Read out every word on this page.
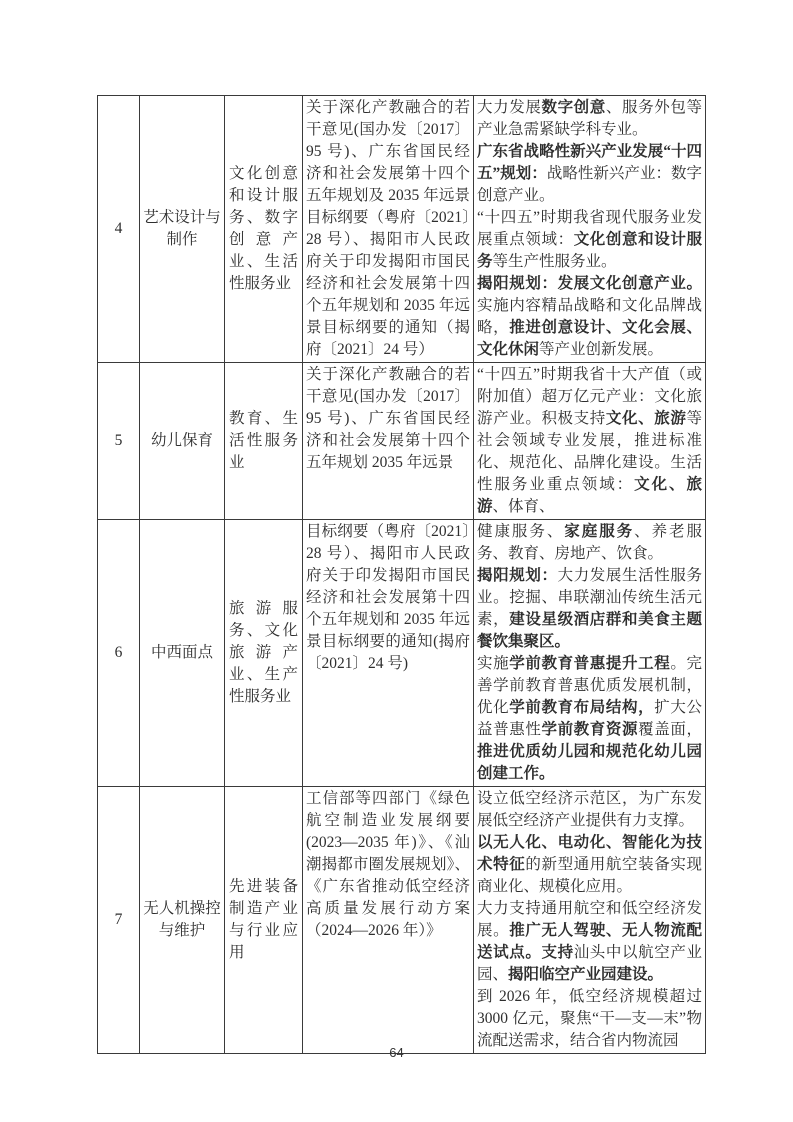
4	艺术设计与制作	文化创意和设计服务、数字创意产业、生活性服务业	关于深化产教融合的若干意见(国办发〔2017〕95 号)、广东省国民经济和社会发展第十四个五年规划及 2035 年远景目标纲要（粤府〔2021〕28 号）、揭阳市人民政府关于印发揭阳市国民经济和社会发展第十四个五年规划和 2035 年远景目标纲要的通知（揭府〔2021〕24 号）	大力发展数字创意、服务外包等产业急需紧缺学科专业。
广东省战略性新兴产业发展“十四五”规划：战略性新兴产业：数字创意产业。
“十四五”时期我省现代服务业发展重点领域：文化创意和设计服务等生产性服务业。
揭阳规划：发展文化创意产业。实施内容精品战略和文化品牌战略，推进创意设计、文化会展、文化休闲等产业创新发展。

5	幼儿保育	教育、生活性服务业	关于深化产教融合的若干意见(国办发〔2017〕95 号)、广东省国民经济和社会发展第十四个五年规划 2035 年远景	“十四五”时期我省十大产值（或附加值）超万亿元产业：文化旅游产业。积极支持文化、旅游等社会领域专业发展，推进标准化、规范化、品牌化建设。生活性服务业重点领域：文化、旅游、体育、

6	中西面点	旅游服务、文化旅游产业、生产性服务业	目标纲要（粤府〔2021〕28 号）、揭阳市人民政府关于印发揭阳市国民经济和社会发展第十四个五年规划和 2035 年远景目标纲要的通知(揭府〔2021〕24 号)	健康服务、家庭服务、养老服务、教育、房地产、饮食。
揭阳规划：大力发展生活性服务业。挖掘、串联潮汕传统生活元素，建设星级酒店群和美食主题餐饮集聚区。
实施学前教育普惠提升工程。完善学前教育普惠优质发展机制，优化学前教育布局结构，扩大公益普惠性学前教育资源覆盖面，推进优质幼儿园和规范化幼儿园创建工作。

7	无人机操控与维护	先进装备制造产业与行业应用	工信部等四部门《绿色航空制造业发展纲要(2023—2035 年)》、《汕潮揭都市圈发展规划》、《广东省推动低空经济高质量发展行动方案（2024—2026 年）》	设立低空经济示范区，为广东发展低空经济产业提供有力支撑。
以无人化、电动化、智能化为技术特征的新型通用航空装备实现商业化、规模化应用。
大力支持通用航空和低空经济发展。推广无人驾驶、无人物流配送试点。支持汕头中以航空产业园、揭阳临空产业园建设。
到 2026 年，低空经济规模超过 3000 亿元，聚焦“干—支—末”物流配送需求，结合省内物流园
64
